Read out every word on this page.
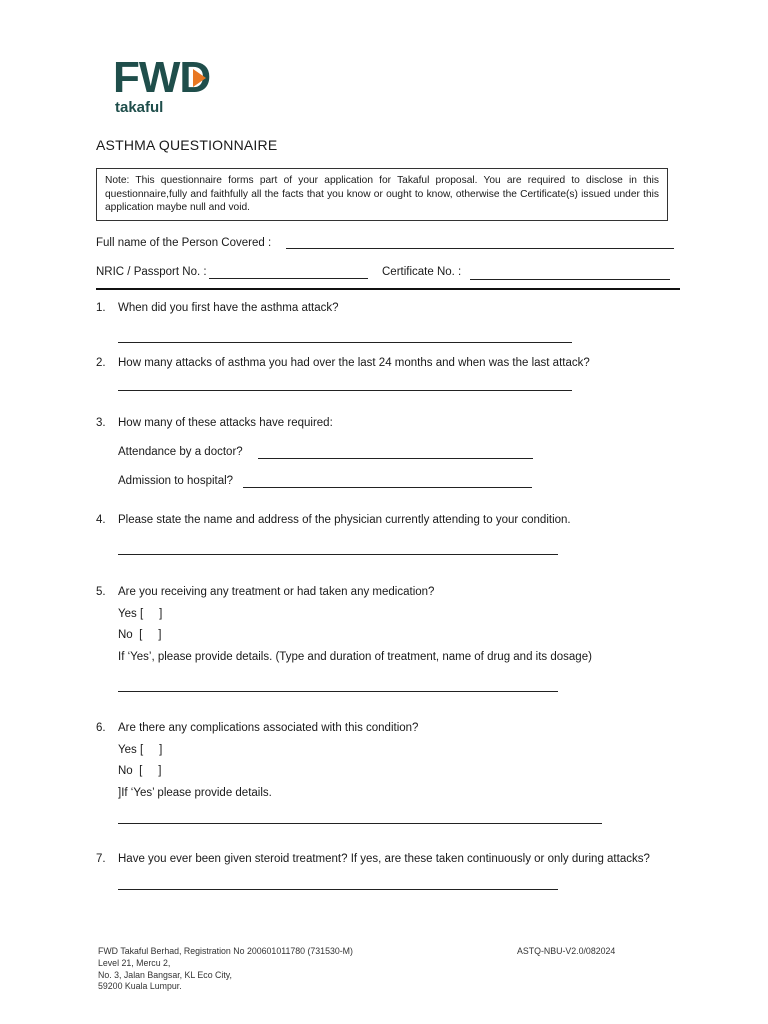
FWD
takaful
ASTHMA QUESTIONNAIRE
Note: This questionnaire forms part of your application for Takaful proposal. You are required to disclose in this questionnaire,fully and faithfully all the facts that you know or ought to know, otherwise the Certificate(s) issued under this application maybe null and void.
Full name of the Person Covered :
NRIC / Passport No. :	Certificate No. :
1. When did you first have the asthma attack?
2. How many attacks of asthma you had over the last 24 months and when was the last attack?
3. How many of these attacks have required:
Attendance by a doctor?
Admission to hospital?
4. Please state the name and address of the physician currently attending to your condition.
5. Are you receiving any treatment or had taken any medication?
Yes [     ]
No  [     ]
If ‘Yes’, please provide details. (Type and duration of treatment, name of drug and its dosage)
6. Are there any complications associated with this condition?
Yes [     ]
No  [     ]
]If ‘Yes’ please provide details.
7. Have you ever been given steroid treatment? If yes, are these taken continuously or only during attacks?
FWD Takaful Berhad, Registration No 200601011780 (731530-M)
Level 21, Mercu 2,
No. 3, Jalan Bangsar, KL Eco City,
59200 Kuala Lumpur.
ASTQ-NBU-V2.0/082024
